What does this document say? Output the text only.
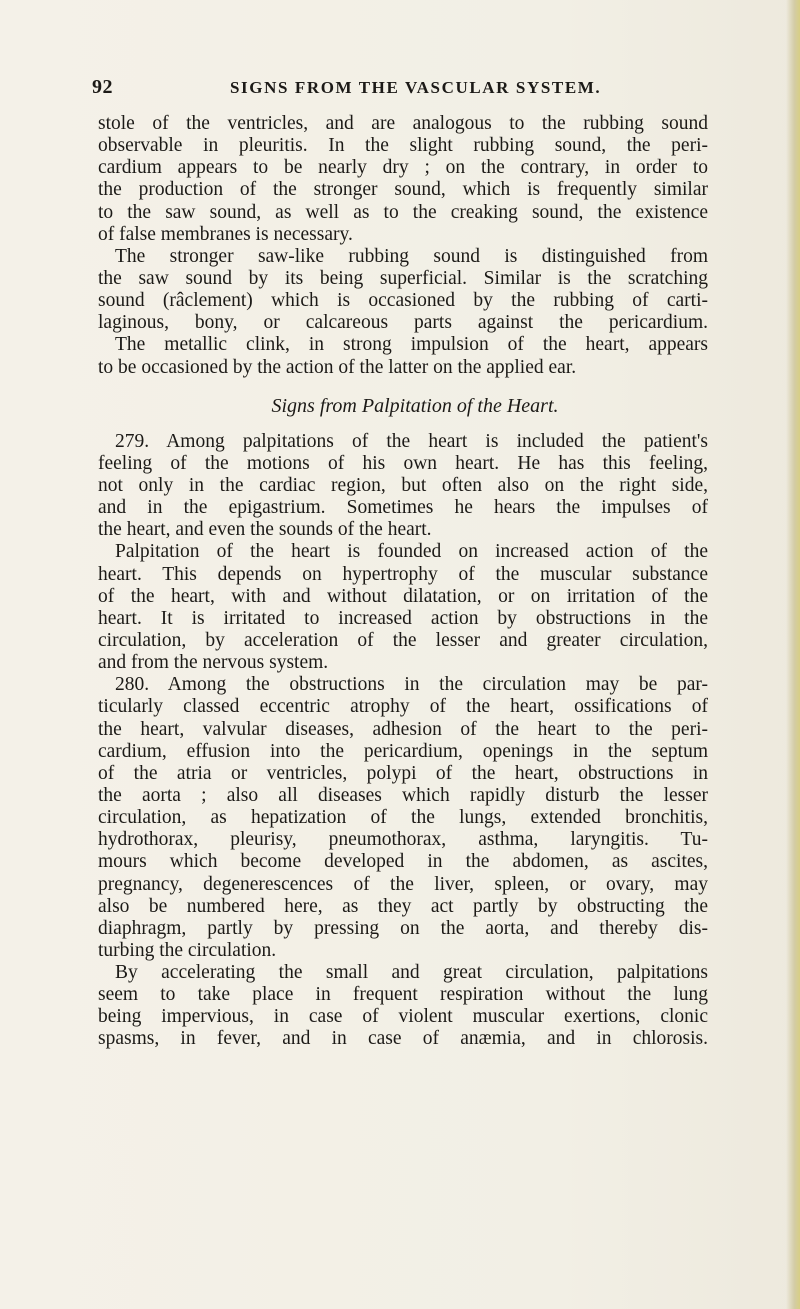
92	SIGNS FROM THE VASCULAR SYSTEM.
stole of the ventricles, and are analogous to the rubbing sound
observable in pleuritis. In the slight rubbing sound, the peri-
cardium appears to be nearly dry ; on the contrary, in order to
the production of the stronger sound, which is frequently similar
to the saw sound, as well as to the creaking sound, the existence
of false membranes is necessary.
The stronger saw-like rubbing sound is distinguished from
the saw sound by its being superficial. Similar is the scratching
sound (râclement) which is occasioned by the rubbing of carti-
laginous, bony, or calcareous parts against the pericardium.
The metallic clink, in strong impulsion of the heart, appears
to be occasioned by the action of the latter on the applied ear.
Signs from Palpitation of the Heart.
279. Among palpitations of the heart is included the patient's
feeling of the motions of his own heart. He has this feeling,
not only in the cardiac region, but often also on the right side,
and in the epigastrium. Sometimes he hears the impulses of
the heart, and even the sounds of the heart.
Palpitation of the heart is founded on increased action of the
heart. This depends on hypertrophy of the muscular substance
of the heart, with and without dilatation, or on irritation of the
heart. It is irritated to increased action by obstructions in the
circulation, by acceleration of the lesser and greater circulation,
and from the nervous system.
280. Among the obstructions in the circulation may be par-
ticularly classed eccentric atrophy of the heart, ossifications of
the heart, valvular diseases, adhesion of the heart to the peri-
cardium, effusion into the pericardium, openings in the septum
of the atria or ventricles, polypi of the heart, obstructions in
the aorta ; also all diseases which rapidly disturb the lesser
circulation, as hepatization of the lungs, extended bronchitis,
hydrothorax, pleurisy, pneumothorax, asthma, laryngitis. Tu-
mours which become developed in the abdomen, as ascites,
pregnancy, degenerescences of the liver, spleen, or ovary, may
also be numbered here, as they act partly by obstructing the
diaphragm, partly by pressing on the aorta, and thereby dis-
turbing the circulation.
By accelerating the small and great circulation, palpitations
seem to take place in frequent respiration without the lung
being impervious, in case of violent muscular exertions, clonic
spasms, in fever, and in case of anæmia, and in chlorosis.
